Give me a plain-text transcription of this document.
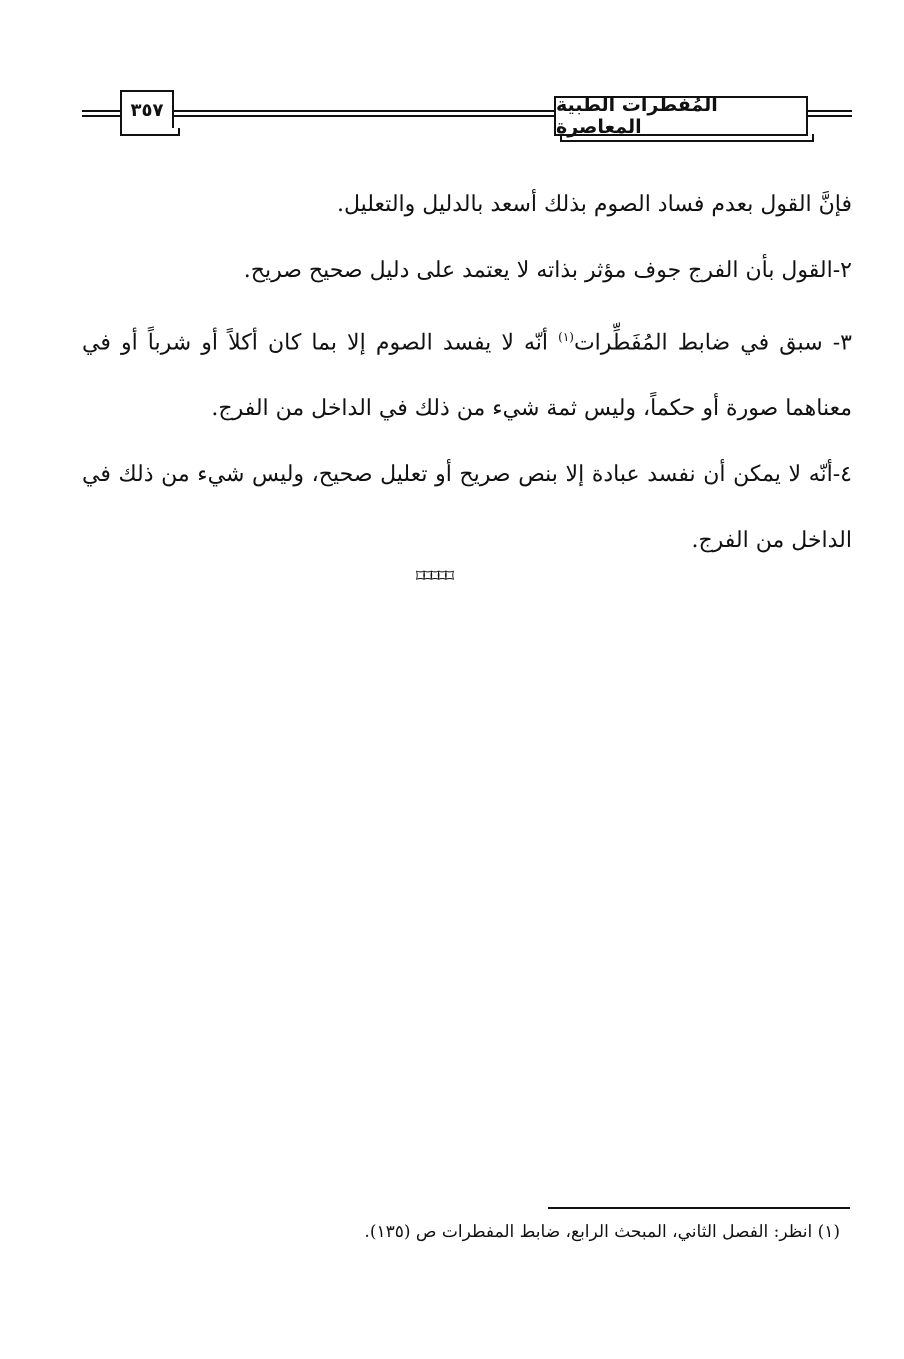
٣٥٧	المُفطرات الطبية المعاصرة

فإنَّ القول بعدم فساد الصوم بذلك أسعد بالدليل والتعليل.

٢-القول بأن الفرج جوف مؤثر بذاته لا يعتمد على دليل صحيح صريح.

٣- سبق في ضابط المُفَطِّرات$^{(١)}$ أنّه لا يفسد الصوم إلا بما كان أكلاً أو شرباً أو في معناهما صورة أو حكماً، وليس ثمة شيء من ذلك في الداخل من الفرج.

٤-أنّه لا يمكن أن نفسد عبادة إلا بنص صريح أو تعليل صحيح، وليس شيء من ذلك في الداخل من الفرج.

⌑⌑⌑⌑⌑
(١) انظر: الفصل الثاني، المبحث الرابع، ضابط المفطرات ص (١٣٥).
